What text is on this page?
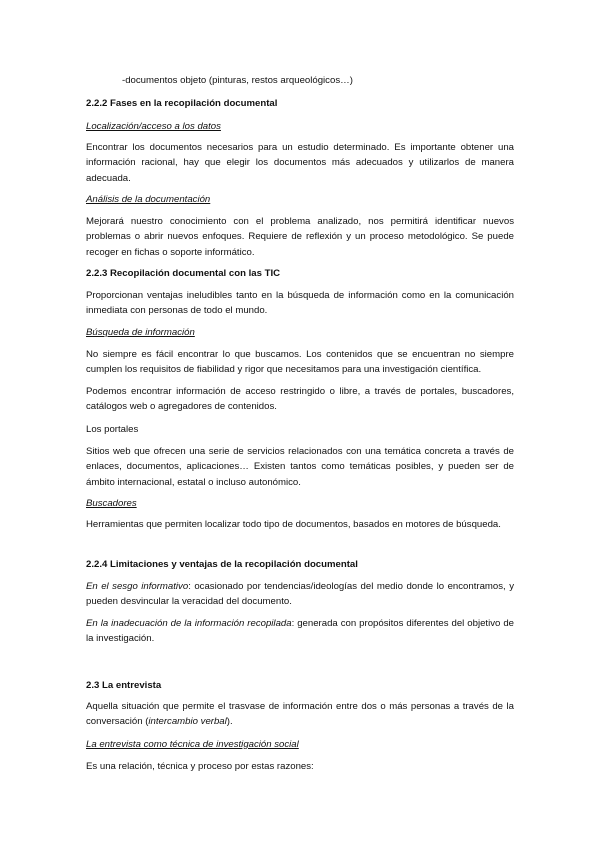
-documentos objeto (pinturas, restos arqueológicos…)

2.2.2 Fases en la recopilación documental

Localización/acceso a los datos

Encontrar los documentos necesarios para un estudio determinado. Es importante obtener una información racional, hay que elegir los documentos más adecuados y utilizarlos de manera adecuada.

Análisis de la documentación

Mejorará nuestro conocimiento con el problema analizado, nos permitirá identificar nuevos problemas o abrir nuevos enfoques. Requiere de reflexión y un proceso metodológico. Se puede recoger en fichas o soporte informático.

2.2.3 Recopilación documental con las TIC

Proporcionan ventajas ineludibles tanto en la búsqueda de información como en la comunicación inmediata con personas de todo el mundo.

Búsqueda de información

No siempre es fácil encontrar lo que buscamos. Los contenidos que se encuentran no siempre cumplen los requisitos de fiabilidad y rigor que necesitamos para una investigación científica.

Podemos encontrar información de acceso restringido o libre, a través de portales, buscadores, catálogos web o agregadores de contenidos.

Los portales

Sitios web que ofrecen una serie de servicios relacionados con una temática concreta a través de enlaces, documentos, aplicaciones… Existen tantos como temáticas posibles, y pueden ser de ámbito internacional, estatal o incluso autonómico.

Buscadores

Herramientas que permiten localizar todo tipo de documentos, basados en motores de búsqueda.

2.2.4 Limitaciones y ventajas de la recopilación documental

En el sesgo informativo: ocasionado por tendencias/ideologías del medio donde lo encontramos, y pueden desvincular la veracidad del documento.

En la inadecuación de la información recopilada: generada con propósitos diferentes del objetivo de la investigación.

2.3 La entrevista

Aquella situación que permite el trasvase de información entre dos o más personas a través de la conversación (intercambio verbal).

La entrevista como técnica de investigación social

Es una relación, técnica y proceso por estas razones:
